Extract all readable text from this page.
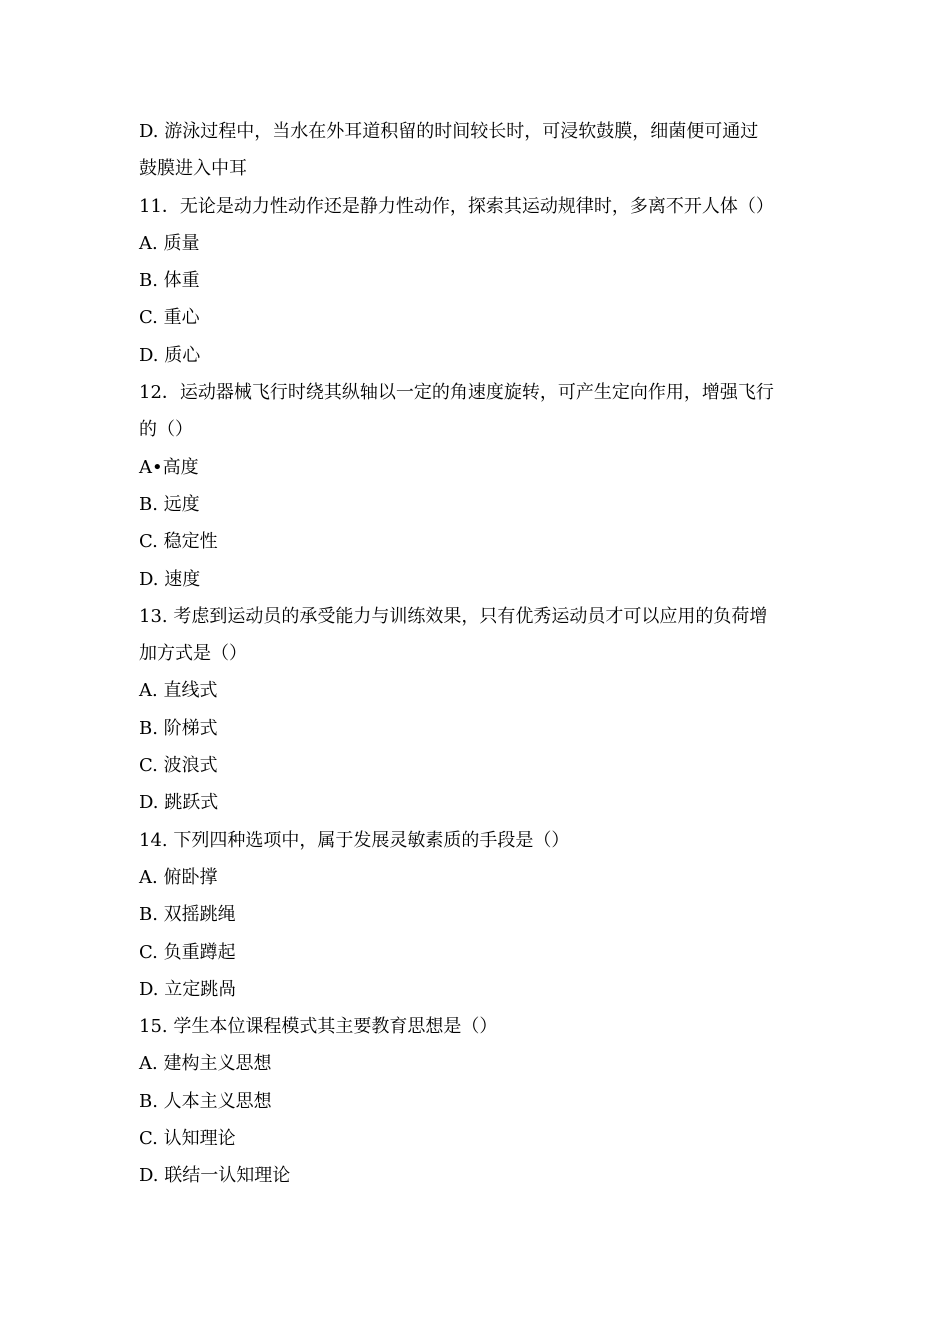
D. 游泳过程中，当水在外耳道积留的时间较长时，可浸软鼓膜，细菌便可通过
鼓膜进入中耳
11．无论是动力性动作还是静力性动作，探索其运动规律时，多离不开人体（）
A. 质量
B. 体重
C. 重心
D. 质心
12．运动器械飞行时绕其纵轴以一定的角速度旋转，可产生定向作用，增强飞行
的（）
A•高度
B. 远度
C. 稳定性
D. 速度
13. 考虑到运动员的承受能力与训练效果，只有优秀运动员才可以应用的负荷增
加方式是（）
A. 直线式
B. 阶梯式
C. 波浪式
D. 跳跃式
14. 下列四种选项中，属于发展灵敏素质的手段是（）
A. 俯卧撑
B. 双摇跳绳
C. 负重蹲起
D. 立定跳咼
15. 学生本位课程模式其主要教育思想是（）
A. 建构主义思想
B. 人本主义思想
C. 认知理论
D. 联结一认知理论
